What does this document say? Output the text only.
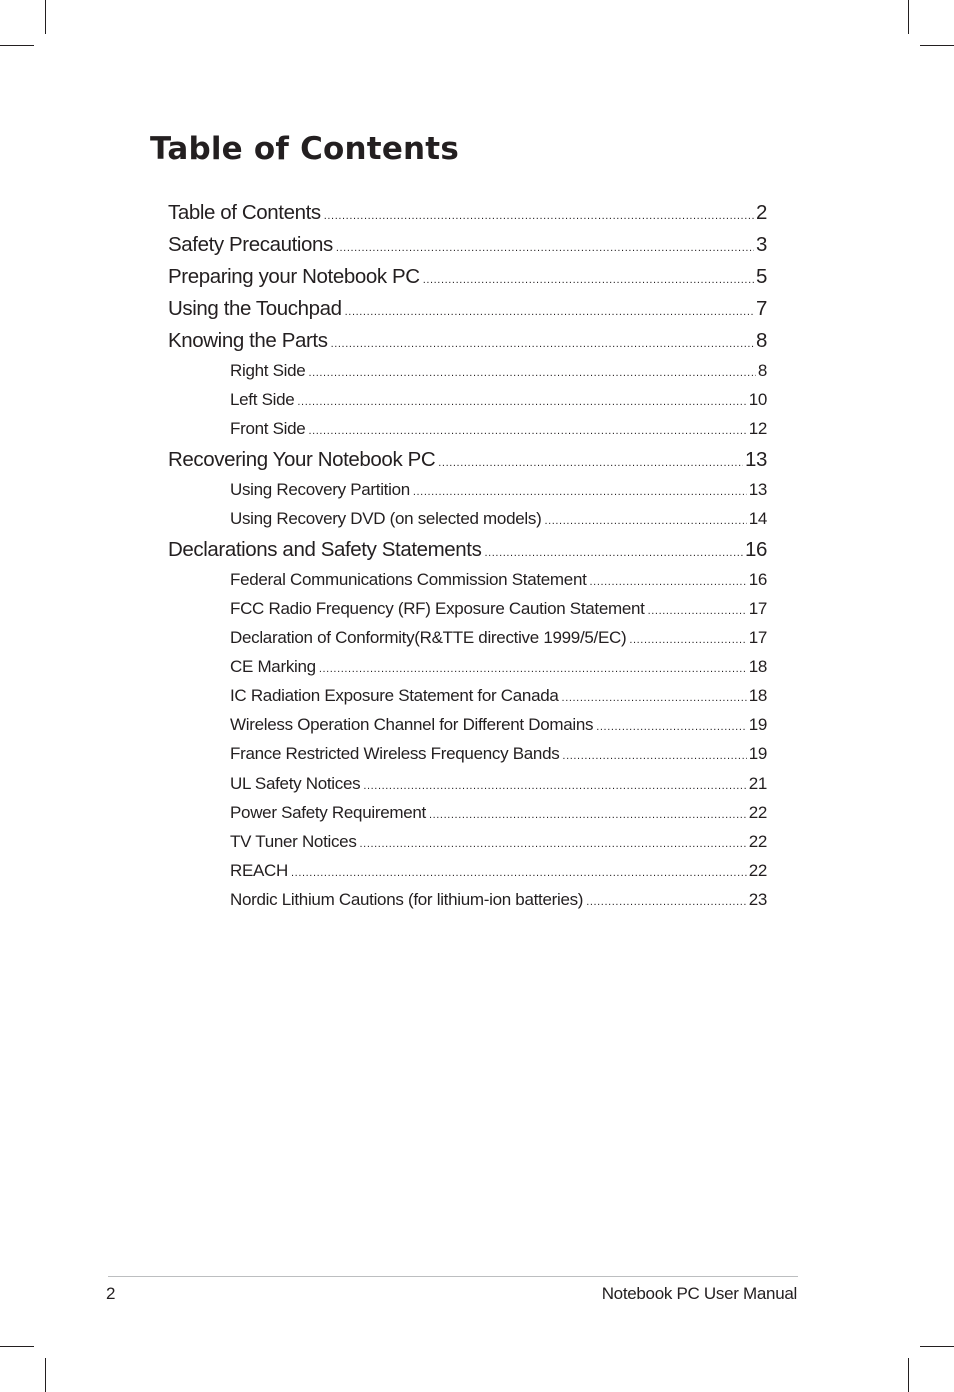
Table of Contents
Table of Contents .....	2
Safety Precautions .....	3
Preparing your Notebook PC .....	5
Using the Touchpad .....	7
Knowing the Parts .....	8
Right Side .....	8
Left Side .....	10
Front Side .....	12
Recovering Your Notebook PC .....	13
Using Recovery Partition .....	13
Using Recovery DVD (on selected models) .....	14
Declarations and Safety Statements .....	16
Federal Communications Commission Statement .....	16
FCC Radio Frequency (RF) Exposure Caution Statement .....	17
Declaration of Conformity(R&TTE directive 1999/5/EC) .....	17
CE Marking .....	18
IC Radiation Exposure Statement for Canada .....	18
Wireless Operation Channel for Different Domains .....	19
France Restricted Wireless Frequency Bands .....	19
UL Safety Notices .....	21
Power Safety Requirement .....	22
TV Tuner Notices .....	22
REACH .....	22
Nordic Lithium Cautions (for lithium-ion batteries) .....	23
2	Notebook PC User Manual
